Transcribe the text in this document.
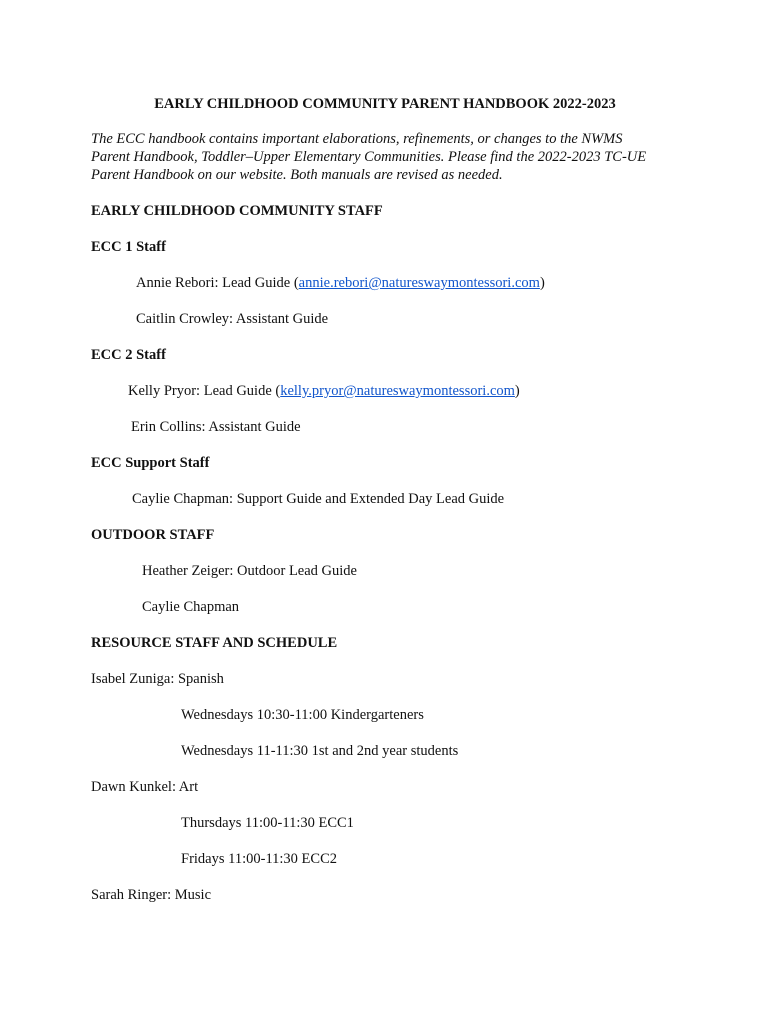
EARLY CHILDHOOD COMMUNITY PARENT HANDBOOK 2022-2023
The ECC handbook contains important elaborations, refinements, or changes to the NWMS
Parent Handbook, Toddler–Upper Elementary Communities. Please find the 2022-2023 TC-UE
Parent Handbook on our website. Both manuals are revised as needed.
EARLY CHILDHOOD COMMUNITY STAFF
ECC 1 Staff
Annie Rebori: Lead Guide (annie.rebori@natureswaymontessori.com)
Caitlin Crowley: Assistant Guide
ECC 2 Staff
Kelly Pryor: Lead Guide (kelly.pryor@natureswaymontessori.com)
Erin Collins: Assistant Guide
ECC Support Staff
Caylie Chapman: Support Guide and Extended Day Lead Guide
OUTDOOR STAFF
Heather Zeiger: Outdoor Lead Guide
Caylie Chapman
RESOURCE STAFF AND SCHEDULE
Isabel Zuniga: Spanish
Wednesdays 10:30-11:00 Kindergarteners
Wednesdays 11-11:30 1st and 2nd year students
Dawn Kunkel: Art
Thursdays 11:00-11:30 ECC1
Fridays 11:00-11:30 ECC2
Sarah Ringer: Music
